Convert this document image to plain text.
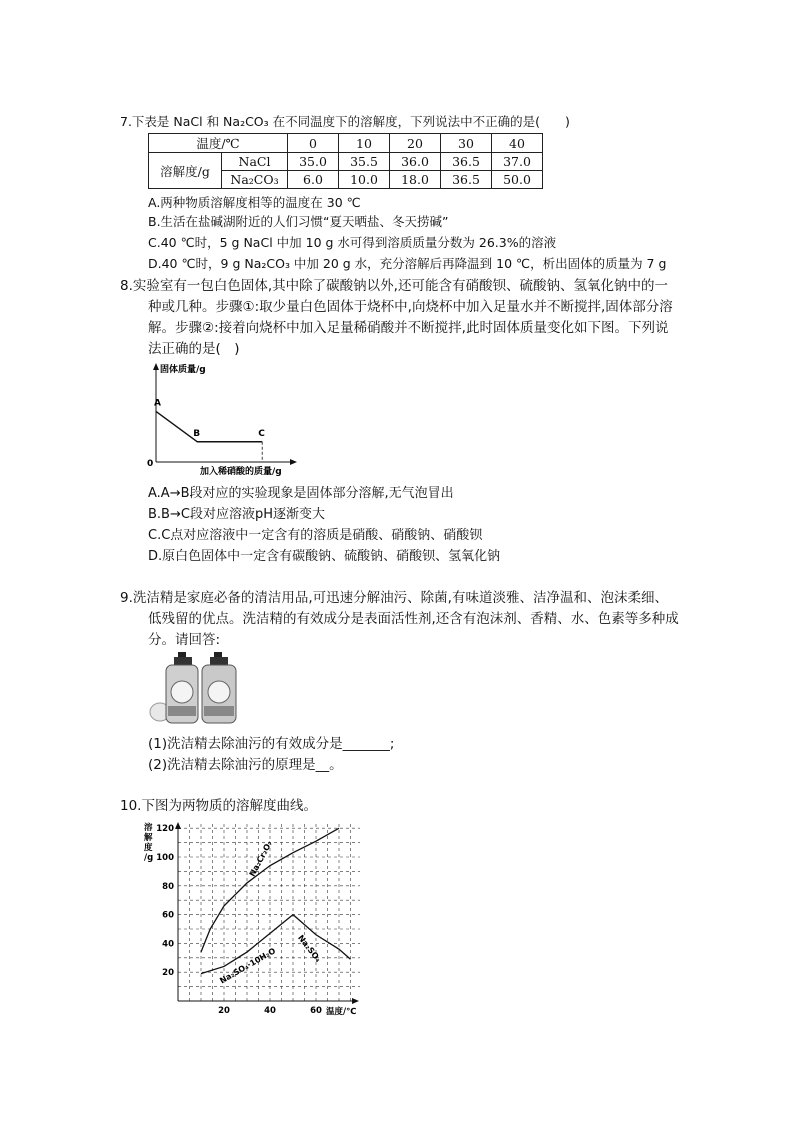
7.下表是 NaCl 和 Na₂CO₃ 在不同温度下的溶解度，下列说法中不正确的是(　　)
温度/℃		0	10	20	30	40
溶解度/g	NaCl	35.0	35.5	36.0	36.5	37.0
	Na₂CO₃	6.0	10.0	18.0	36.5	50.0
A.两种物质溶解度相等的温度在 30 ℃
B.生活在盐碱湖附近的人们习惯“夏天晒盐、冬天捞碱”
C.40 ℃时，5 g NaCl 中加 10 g 水可得到溶质质量分数为 26.3%的溶液
D.40 ℃时，9 g Na₂CO₃ 中加 20 g 水，充分溶解后再降温到 10 ℃，析出固体的质量为 7 g
8.实验室有一包白色固体,其中除了碳酸钠以外,还可能含有硝酸钡、硫酸钠、氢氧化钠中的一
种或几种。步骤①:取少量白色固体于烧杯中,向烧杯中加入足量水并不断搅拌,固体部分溶
解。步骤②:接着向烧杯中加入足量稀硝酸并不断搅拌,此时固体质量变化如下图。下列说
法正确的是(　)
固体质量/g
加入稀硝酸的质量/g
0
A
B	C
A.A→B段对应的实验现象是固体部分溶解,无气泡冒出
B.B→C段对应溶液pH逐渐变大
C.C点对应溶液中一定含有的溶质是硝酸、硝酸钠、硝酸钡
D.原白色固体中一定含有碳酸钠、硫酸钠、硝酸钡、氢氧化钠
9.洗洁精是家庭必备的清洁用品,可迅速分解油污、除菌,有味道淡雅、洁净温和、泡沫柔细、
低残留的优点。洗洁精的有效成分是表面活性剂,还含有泡沫剂、香精、水、色素等多种成
分。请回答:
(1)洗洁精去除油污的有效成分是_______;
(2)洗洁精去除油污的原理是__。
10.下图为两物质的溶解度曲线。
溶
解
度
/g
温度/℃
120
100
80
60
40
20
20	40	60
Na₂Cr₂O₇
Na₂SO₄·10H₂O Na₂SO₄
